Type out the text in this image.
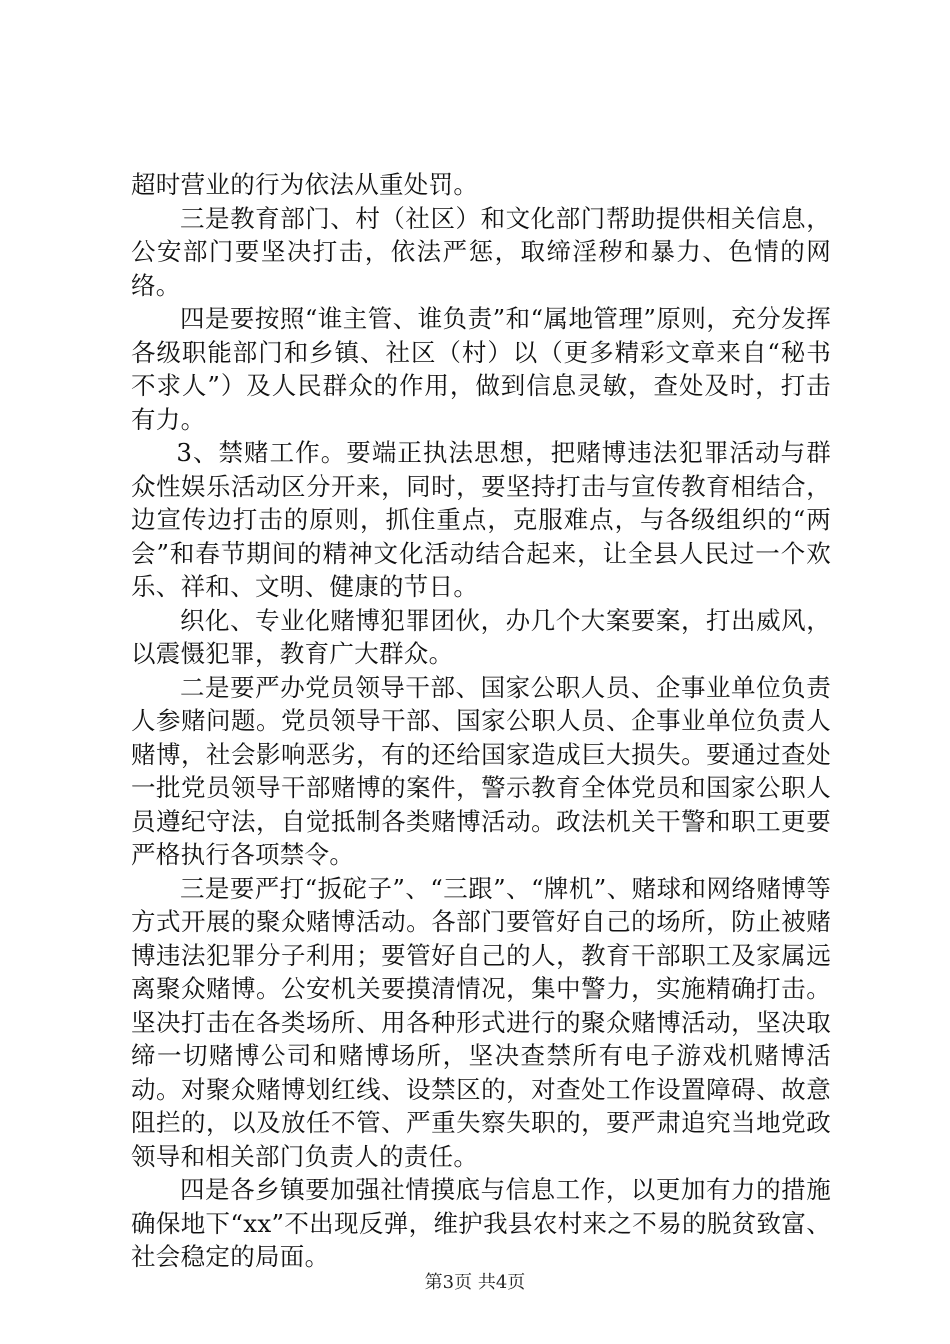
超时营业的行为依法从重处罚。

三是教育部门、村（社区）和文化部门帮助提供相关信息，公安部门要坚决打击，依法严惩，取缔淫秽和暴力、色情的网络。

四是要按照“谁主管、谁负责”和“属地管理”原则，充分发挥各级职能部门和乡镇、社区（村）以（更多精彩文章来自“秘书不求人”）及人民群众的作用，做到信息灵敏，查处及时，打击有力。

3、禁赌工作。要端正执法思想，把赌博违法犯罪活动与群众性娱乐活动区分开来，同时，要坚持打击与宣传教育相结合，边宣传边打击的原则，抓住重点，克服难点，与各级组织的“两会”和春节期间的精神文化活动结合起来，让全县人民过一个欢乐、祥和、文明、健康的节日。

织化、专业化赌博犯罪团伙，办几个大案要案，打出威风，以震慑犯罪，教育广大群众。

二是要严办党员领导干部、国家公职人员、企事业单位负责人参赌问题。党员领导干部、国家公职人员、企事业单位负责人赌博，社会影响恶劣，有的还给国家造成巨大损失。要通过查处一批党员领导干部赌博的案件，警示教育全体党员和国家公职人员遵纪守法，自觉抵制各类赌博活动。政法机关干警和职工更要严格执行各项禁令。

三是要严打“扳砣子”、“三跟”、“牌机”、赌球和网络赌博等方式开展的聚众赌博活动。各部门要管好自己的场所，防止被赌博违法犯罪分子利用；要管好自己的人，教育干部职工及家属远离聚众赌博。公安机关要摸清情况，集中警力，实施精确打击。坚决打击在各类场所、用各种形式进行的聚众赌博活动，坚决取缔一切赌博公司和赌博场所，坚决查禁所有电子游戏机赌博活动。对聚众赌博划红线、设禁区的，对查处工作设置障碍、故意阻拦的，以及放任不管、严重失察失职的，要严肃追究当地党政领导和相关部门负责人的责任。

四是各乡镇要加强社情摸底与信息工作，以更加有力的措施确保地下“xx”不出现反弹，维护我县农村来之不易的脱贫致富、社会稳定的局面。

第3页 共4页
